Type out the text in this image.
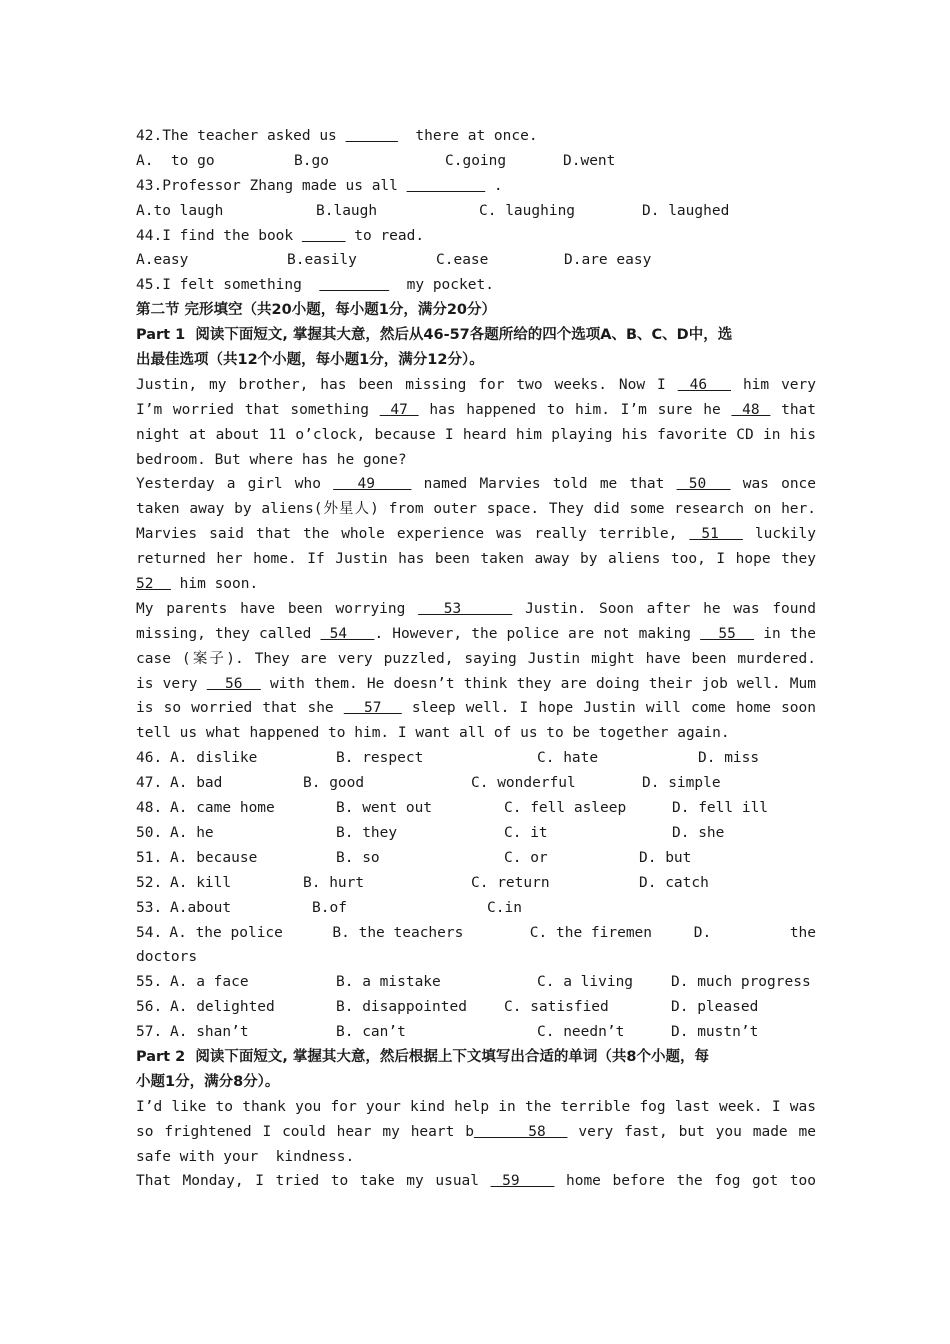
42.The teacher asked us	there at once.
A.  to go	B.go	C.going	D.went
43.Professor Zhang made us all	.
A.to laugh	B.laugh	C. laughing	D. laughed
44.I find the book	to read.
A.easy	B.easily	C.ease	D.are easy
45.I felt something	my pocket.
第二节 完形填空（共20小题，每小题1分，满分20分）
Part 1  阅读下面短文, 掌握其大意，然后从46-57各题所给的四个选项A、B、C、D中，选
出最佳选项（共12个小题，每小题1分，满分12分）。
Justin, my brother, has been missing for two weeks. Now I  46   him very
I’m worried that something  47  has happened to him. I’m sure he  48  that
night at about 11 o’clock, because I heard him playing his favorite CD in his
bedroom. But where has he gone?
Yesterday a girl who   49    named Marvies told me that  50   was once
taken away by aliens(外星人) from outer space. They did some research on her.
Marvies said that the whole experience was really terrible,  51   luckily
returned her home. If Justin has been taken away by aliens too, I hope they
52   him soon.
My parents have been worrying   53     Justin. Soon after he was found
missing, they called  54   . However, the police are not making   55   in the
case (案子). They are very puzzled, saying Justin might have been murdered.
is very   56   with them. He doesn’t think they are doing their job well. Mum
is so worried that she   57   sleep well. I hope Justin will come home soon
tell us what happened to him. I want all of us to be together again.
46. A. dislike	B. respect	C. hate	D. miss
47. A. bad	B. good	C. wonderful	D. simple
48. A. came home	B. went out	C. fell asleep	D. fell ill
50. A. he	B. they	C. it	D. she
51. A. because	B. so	C. or	D. but
52. A. kill	B. hurt	C. return	D. catch
53. A.about	B.of	C.in
54. A. the police	B. the teachers	C. the firemen	D.         the
doctors
55. A. a face	B. a mistake	C. a living	D. much progress
56. A. delighted	B. disappointed	C. satisfied	D. pleased
57. A. shan’t	B. can’t	C. needn’t	D. mustn’t
Part 2  阅读下面短文, 掌握其大意，然后根据上下文填写出合适的单词（共8个小题，每
小题1分，满分8分）。
I’d like to thank you for your kind help in the terrible fog last week. I was
so frightened I could hear my heart b     58   very fast, but you made me
safe with your  kindness.
That Monday, I tried to take my usual  59    home before the fog got too
